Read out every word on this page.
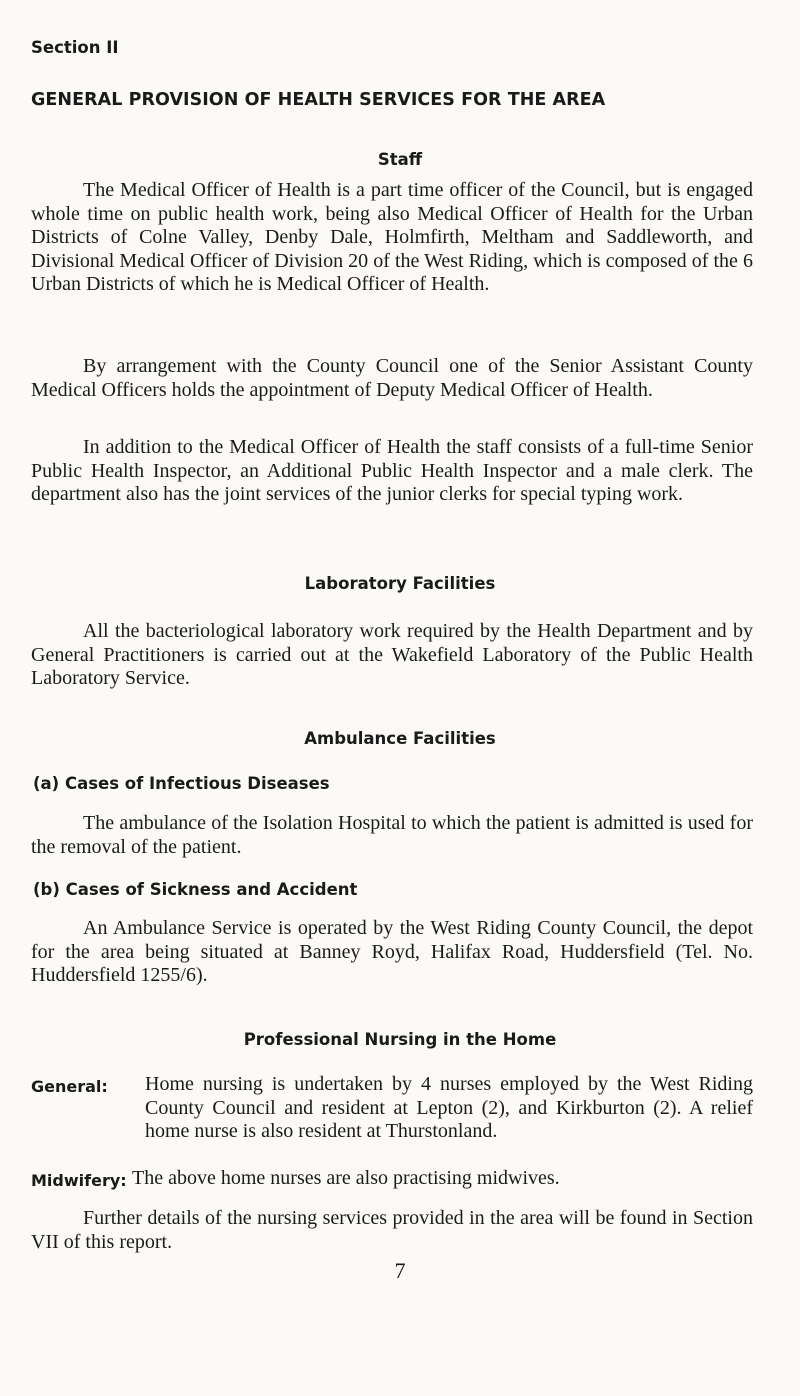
Section II
GENERAL PROVISION OF HEALTH SERVICES FOR THE AREA
Staff

The Medical Officer of Health is a part time officer of the Council, but is engaged whole time on public health work, being also Medical Officer of Health for the Urban Districts of Colne Valley, Denby Dale, Holmfirth, Meltham and Saddleworth, and Divisional Medical Officer of Division 20 of the West Riding, which is composed of the 6 Urban Districts of which he is Medical Officer of Health.

By arrangement with the County Council one of the Senior Assistant County Medical Officers holds the appointment of Deputy Medical Officer of Health.

In addition to the Medical Officer of Health the staff consists of a full-time Senior Public Health Inspector, an Additional Public Health Inspector and a male clerk. The department also has the joint services of the junior clerks for special typing work.

Laboratory Facilities

All the bacteriological laboratory work required by the Health Department and by General Practitioners is carried out at the Wakefield Laboratory of the Public Health Laboratory Service.

Ambulance Facilities
(a) Cases of Infectious Diseases

The ambulance of the Isolation Hospital to which the patient is admitted is used for the removal of the patient.

(b) Cases of Sickness and Accident

An Ambulance Service is operated by the West Riding County Council, the depot for the area being situated at Banney Royd, Halifax Road, Huddersfield (Tel. No. Huddersfield 1255/6).

Professional Nursing in the Home
General: Home nursing is undertaken by 4 nurses employed by the West Riding County Council and resident at Lepton (2), and Kirkburton (2). A relief home nurse is also resident at Thurstonland.

Midwifery: The above home nurses are also practising midwives.

Further details of the nursing services provided in the area will be found in Section VII of this report.

7
